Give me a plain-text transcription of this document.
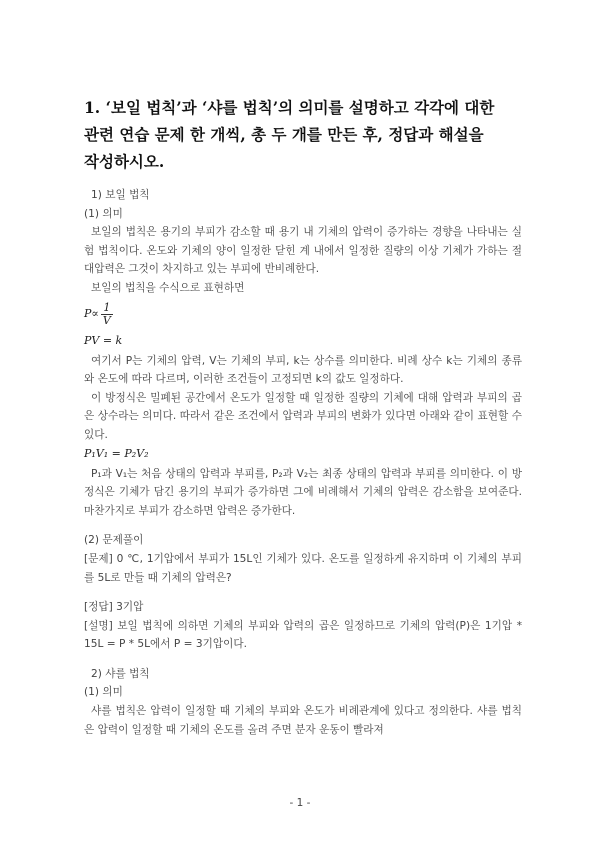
1. ‘보일 법칙’과 ‘샤를 법칙’의 의미를 설명하고 각각에 대한
관련 연습 문제 한 개씩, 총 두 개를 만든 후, 정답과 해설을
작성하시오.

1) 보일 법칙

(1) 의미

보일의 법칙은 용기의 부피가 감소할 때 용기 내 기체의 압력이 증가하는 경향을 나타내는 실험 법칙이다. 온도와 기체의 양이 일정한 닫힌 계 내에서 일정한 질량의 이상 기체가 가하는 절대압력은 그것이 차지하고 있는 부피에 반비례한다.

보일의 법칙을 수식으로 표현하면

$P\propto \frac{1}{V}$
PV = k

여기서 P는 기체의 압력, V는 기체의 부피, k는 상수를 의미한다. 비례 상수 k는 기체의 종류와 온도에 따라 다르며, 이러한 조건들이 고정되면 k의 값도 일정하다.

이 방정식은 밀폐된 공간에서 온도가 일정할 때 일정한 질량의 기체에 대해 압력과 부피의 곱은 상수라는 의미다. 따라서 같은 조건에서 압력과 부피의 변화가 있다면 아래와 같이 표현할 수 있다.

P₁V₁ = P₂V₂

P₁과 V₁는 처음 상태의 압력과 부피를, P₂과 V₂는 최종 상태의 압력과 부피를 의미한다. 이 방정식은 기체가 담긴 용기의 부피가 증가하면 그에 비례해서 기체의 압력은 감소함을 보여준다. 마찬가지로 부피가 감소하면 압력은 증가한다.

(2) 문제풀이

[문제] 0 ℃, 1기압에서 부피가 15L인 기체가 있다. 온도를 일정하게 유지하며 이 기체의 부피를 5L로 만들 때 기체의 압력은?

[정답] 3기압

[설명] 보일 법칙에 의하면 기체의 부피와 압력의 곱은 일정하므로 기체의 압력(P)은 1기압 * 15L = P * 5L에서 P = 3기압이다.

2) 샤를 법칙

(1) 의미

샤를 법칙은 압력이 일정할 때 기체의 부피와 온도가 비례관계에 있다고 정의한다. 샤를 법칙은 압력이 일정할 때 기체의 온도를 올려 주면 분자 운동이 빨라져

- 1 -
